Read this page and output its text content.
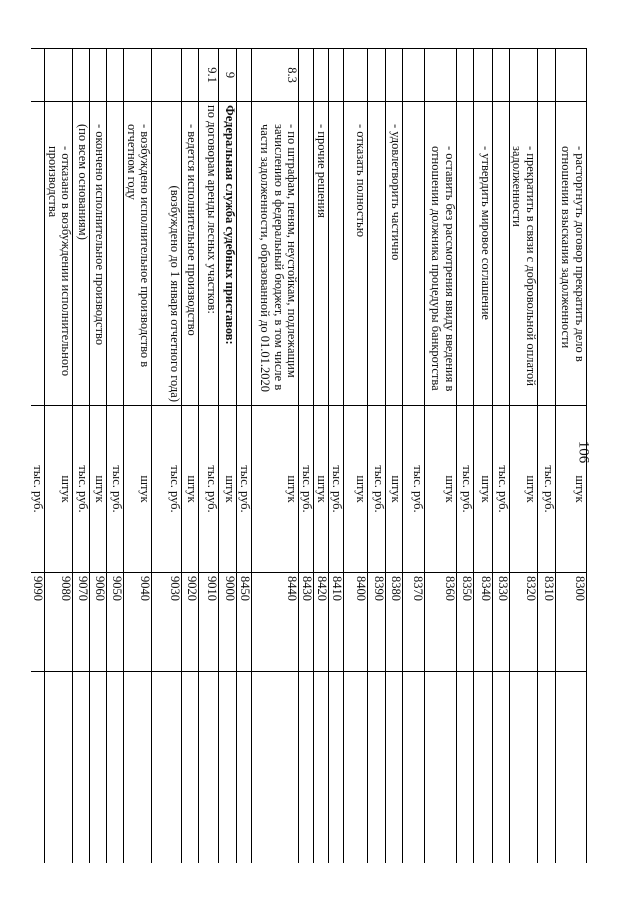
106
	- расторгнуть договор прекратить дело в отношении взыскания задолженности	штук	8300		
		тыс. руб.	8310		
	- прекратить в связи с добровольной оплатой задолженности	штук	8320		
		тыс. руб.	8330		
	- утвердить мировое соглашение	штук	8340		
		тыс. руб.	8350		
	- оставить без рассмотрения ввиду введения в отношении должника процедуры банкротства	штук	8360		
		тыс. руб.	8370		
	- удовлетворить частично	штук	8380		
		тыс. руб.	8390		
	- отказать полностью	штук	8400		
		тыс. руб.	8410		
	- прочие решения	штук	8420		
		тыс. руб.	8430		
8.3	- по штрафам, пеням, неустойкам, подлежащим зачислению в федеральный бюджет, в том числе в части задолженности, образованной до 01.01.2020	штук	8440		
		тыс. руб.	8450		
9	Федеральная служба судебных приставов:	штук	9000		
9.1	по договорам аренды лесных участков:	тыс. руб.	9010		
	- ведется исполнительное производство	штук	9020		
	(возбуждено до 1 января отчетного года)	тыс. руб.	9030		
	- возбуждено исполнительное производство в отчетном году	штук	9040		
		тыс. руб.	9050		
	- окончено исполнительное производство	штук	9060		
	(по всем основаниям)	тыс. руб.	9070		
	- отказано в возбуждении исполнительного производства	штук	9080		
		тыс. руб.	9090		
